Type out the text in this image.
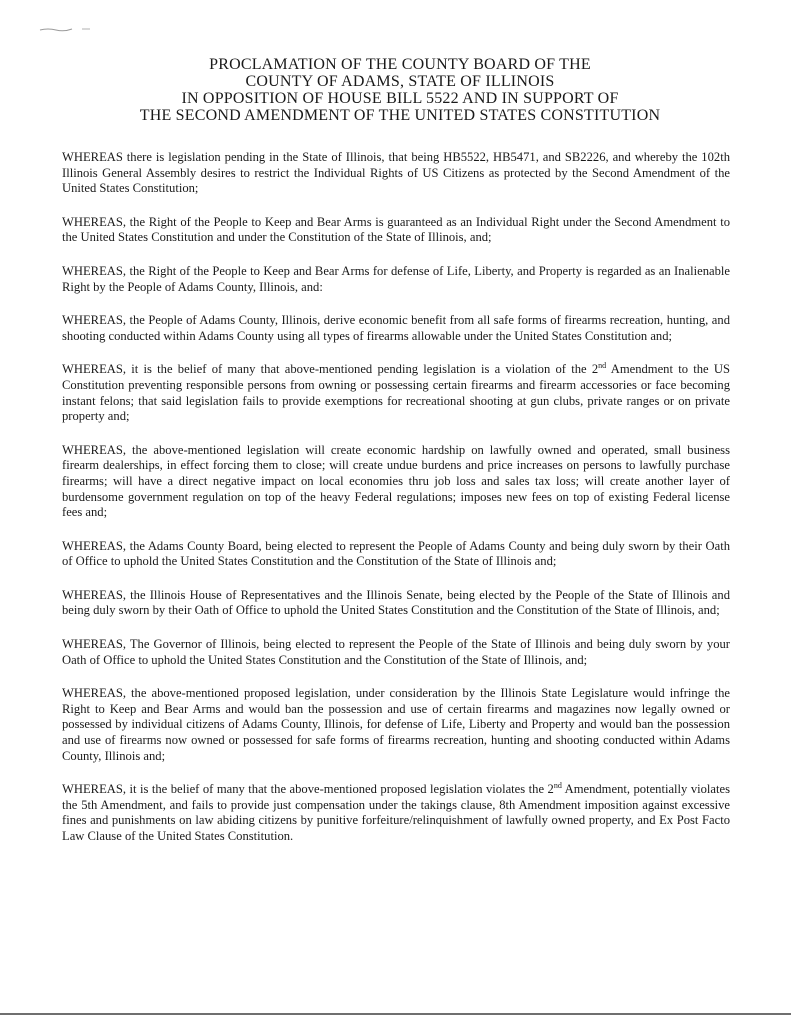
PROCLAMATION OF THE COUNTY BOARD OF THE
COUNTY OF ADAMS, STATE OF ILLINOIS
IN OPPOSITION OF HOUSE BILL 5522 AND IN SUPPORT OF
THE SECOND AMENDMENT OF THE UNITED STATES CONSTITUTION

WHEREAS there is legislation pending in the State of Illinois, that being HB5522, HB5471, and SB2226, and whereby the 102th Illinois General Assembly desires to restrict the Individual Rights of US Citizens as protected by the Second Amendment of the United States Constitution;

WHEREAS, the Right of the People to Keep and Bear Arms is guaranteed as an Individual Right under the Second Amendment to the United States Constitution and under the Constitution of the State of Illinois, and;

WHEREAS, the Right of the People to Keep and Bear Arms for defense of Life, Liberty, and Property is regarded as an Inalienable Right by the People of Adams County, Illinois, and:

WHEREAS, the People of Adams County, Illinois, derive economic benefit from all safe forms of firearms recreation, hunting, and shooting conducted within Adams County using all types of firearms allowable under the United States Constitution and;

WHEREAS, it is the belief of many that above-mentioned pending legislation is a violation of the 2nd Amendment to the US Constitution preventing responsible persons from owning or possessing certain firearms and firearm accessories or face becoming instant felons; that said legislation fails to provide exemptions for recreational shooting at gun clubs, private ranges or on private property and;

WHEREAS, the above-mentioned legislation will create economic hardship on lawfully owned and operated, small business firearm dealerships, in effect forcing them to close; will create undue burdens and price increases on persons to lawfully purchase firearms; will have a direct negative impact on local economies thru job loss and sales tax loss; will create another layer of burdensome government regulation on top of the heavy Federal regulations; imposes new fees on top of existing Federal license fees and;

WHEREAS, the Adams County Board, being elected to represent the People of Adams County and being duly sworn by their Oath of Office to uphold the United States Constitution and the Constitution of the State of Illinois and;

WHEREAS, the Illinois House of Representatives and the Illinois Senate, being elected by the People of the State of Illinois and being duly sworn by their Oath of Office to uphold the United States Constitution and the Constitution of the State of Illinois, and;

WHEREAS, The Governor of Illinois, being elected to represent the People of the State of Illinois and being duly sworn by your Oath of Office to uphold the United States Constitution and the Constitution of the State of Illinois, and;

WHEREAS, the above-mentioned proposed legislation, under consideration by the Illinois State Legislature would infringe the Right to Keep and Bear Arms and would ban the possession and use of certain firearms and magazines now legally owned or possessed by individual citizens of Adams County, Illinois, for defense of Life, Liberty and Property and would ban the possession and use of firearms now owned or possessed for safe forms of firearms recreation, hunting and shooting conducted within Adams County, Illinois and;

WHEREAS, it is the belief of many that the above-mentioned proposed legislation violates the 2nd Amendment, potentially violates the 5th Amendment, and fails to provide just compensation under the takings clause, 8th Amendment imposition against excessive fines and punishments on law abiding citizens by punitive forfeiture/relinquishment of lawfully owned property, and Ex Post Facto Law Clause of the United States Constitution.
